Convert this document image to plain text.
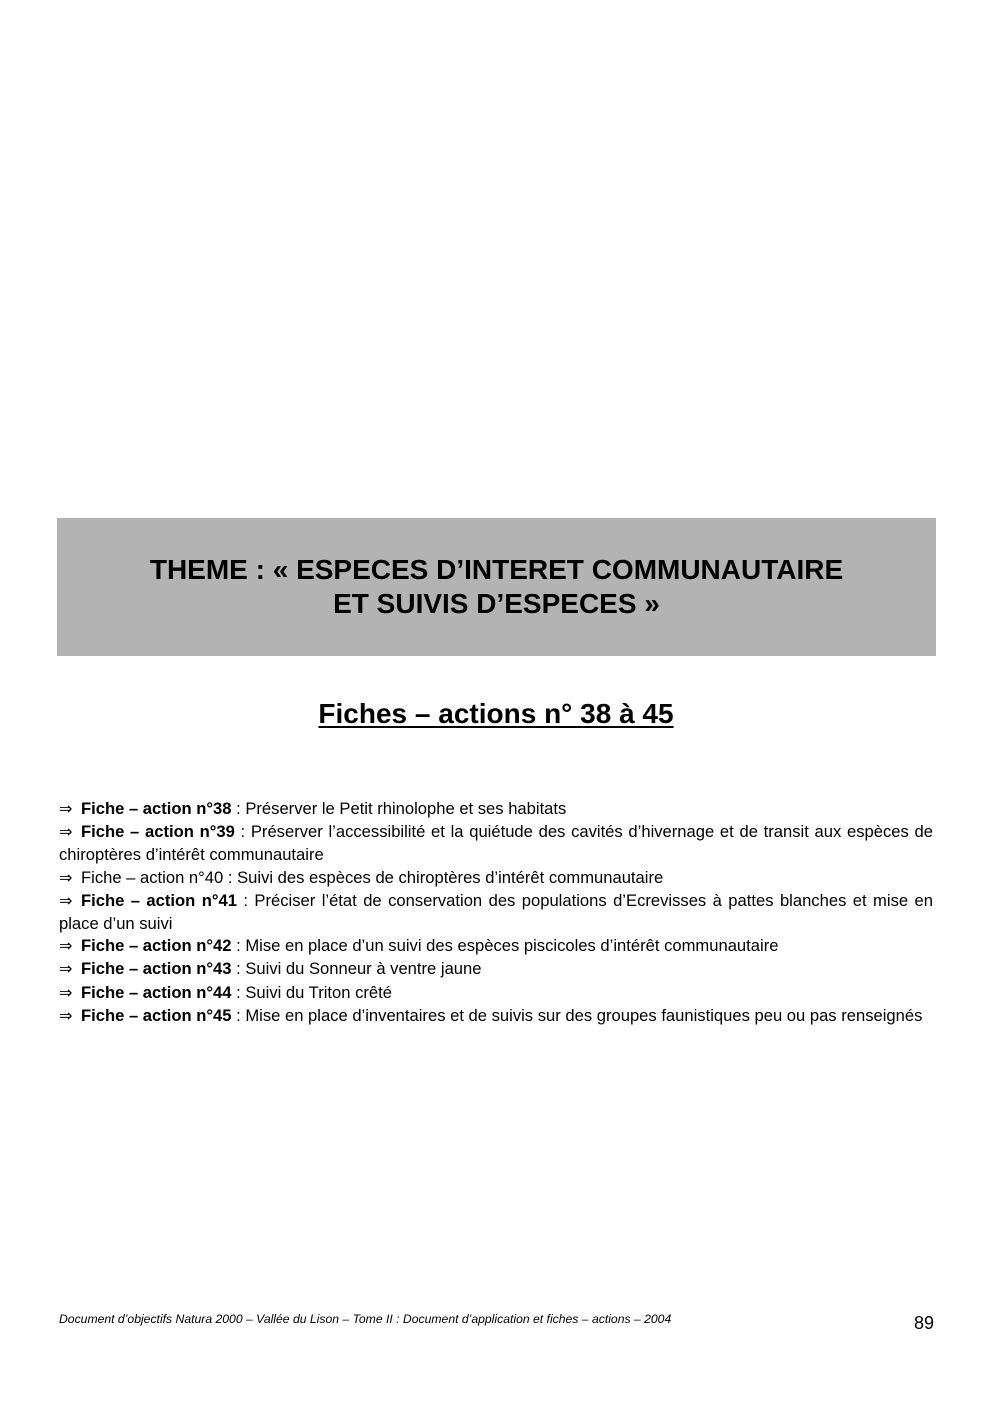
THEME : « ESPECES D’INTERET COMMUNAUTAIRE
ET SUIVIS D’ESPECES »
Fiches – actions n° 38 à 45
⇒ Fiche – action n°38 : Préserver le Petit rhinolophe et ses habitats
⇒ Fiche – action n°39 : Préserver l’accessibilité et la quiétude des cavités d’hivernage et de transit aux espèces de chiroptères d’intérêt communautaire
⇒ Fiche – action n°40 : Suivi des espèces de chiroptères d’intérêt communautaire
⇒ Fiche – action n°41 : Préciser l’état de conservation des populations d’Ecrevisses à pattes blanches et mise en place d’un suivi
⇒ Fiche – action n°42 : Mise en place d’un suivi des espèces piscicoles d’intérêt communautaire
⇒ Fiche – action n°43 : Suivi du Sonneur à ventre jaune
⇒ Fiche – action n°44 : Suivi du Triton crêté
⇒ Fiche – action n°45 : Mise en place d’inventaires et de suivis sur des groupes faunistiques peu ou pas renseignés
Document d’objectifs Natura 2000 – Vallée du Lison – Tome II : Document d’application et fiches – actions – 2004	89
